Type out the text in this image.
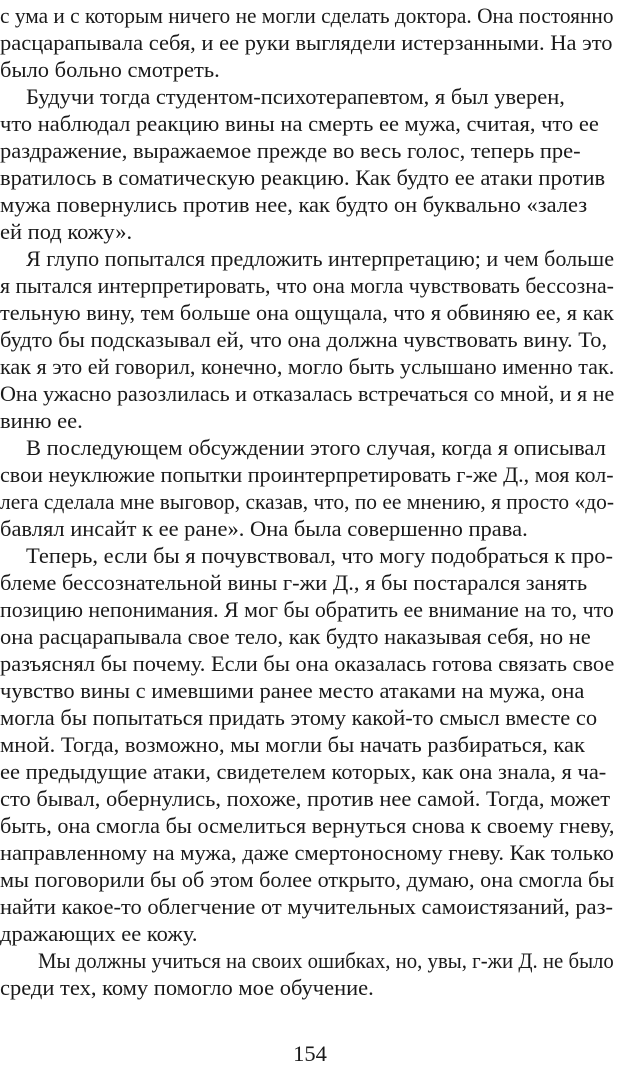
с ума и с которым ничего не могли сделать доктора. Она постоянно
расцарапывала себя, и ее руки выглядели истерзанными. На это
было больно смотреть.
Будучи тогда студентом-психотерапевтом, я был уверен,
что наблюдал реакцию вины на смерть ее мужа, считая, что ее
раздражение, выражаемое прежде во весь голос, теперь пре-
вратилось в соматическую реакцию. Как будто ее атаки против
мужа повернулись против нее, как будто он буквально «залез
ей под кожу».
Я глупо попытался предложить интерпретацию; и чем больше
я пытался интерпретировать, что она могла чувствовать бессозна-
тельную вину, тем больше она ощущала, что я обвиняю ее, я как
будто бы подсказывал ей, что она должна чувствовать вину. То,
как я это ей говорил, конечно, могло быть услышано именно так.
Она ужасно разозлилась и отказалась встречаться со мной, и я не
виню ее.
В последующем обсуждении этого случая, когда я описывал
свои неуклюжие попытки проинтерпретировать г-же Д., моя кол-
лега сделала мне выговор, сказав, что, по ее мнению, я просто «до-
бавлял инсайт к ее ране». Она была совершенно права.
Теперь, если бы я почувствовал, что могу подобраться к про-
блеме бессознательной вины г-жи Д., я бы постарался занять
позицию непонимания. Я мог бы обратить ее внимание на то, что
она расцарапывала свое тело, как будто наказывая себя, но не
разъяснял бы почему. Если бы она оказалась готова связать свое
чувство вины с имевшими ранее место атаками на мужа, она
могла бы попытаться придать этому какой-то смысл вместе со
мной. Тогда, возможно, мы могли бы начать разбираться, как
ее предыдущие атаки, свидетелем которых, как она знала, я ча-
сто бывал, обернулись, похоже, против нее самой. Тогда, может
быть, она смогла бы осмелиться вернуться снова к своему гневу,
направленному на мужа, даже смертоносному гневу. Как только
мы поговорили бы об этом более открыто, думаю, она смогла бы
найти какое-то облегчение от мучительных самоистязаний, раз-
дражающих ее кожу.
Мы должны учиться на своих ошибках, но, увы, г-жи Д. не было
среди тех, кому помогло мое обучение.
154
